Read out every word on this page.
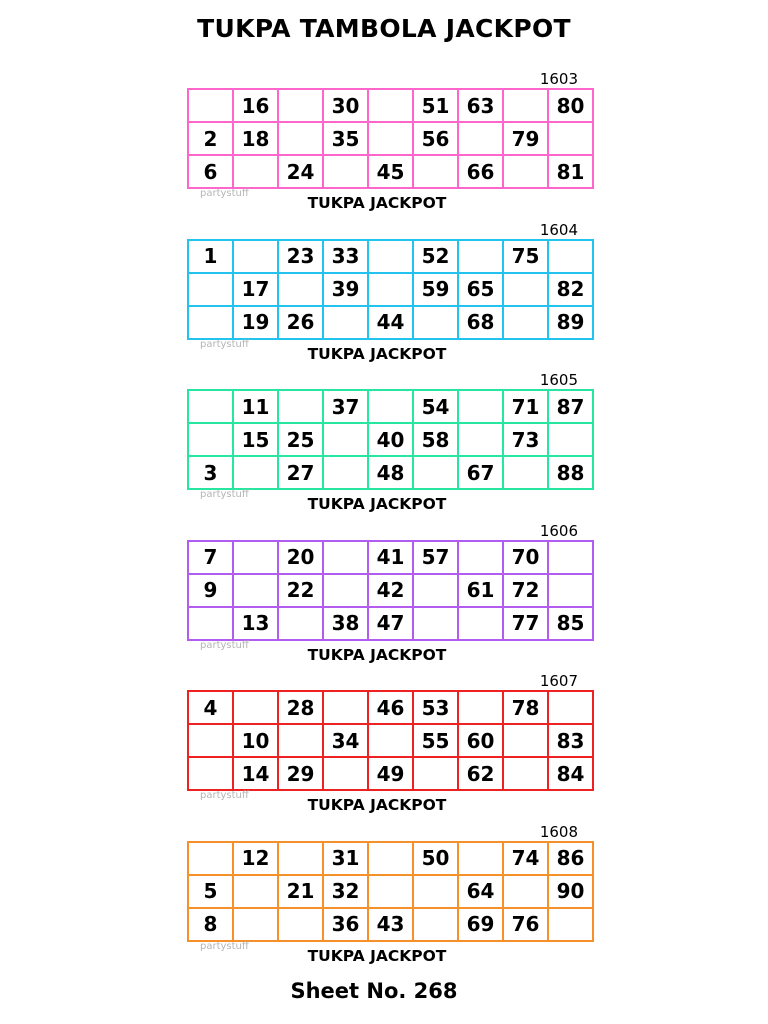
TUKPA TAMBOLA JACKPOT
1603
	16		30		51	63		80
2	18		35		56		79	
6		24		45		66		81
partystuff
TUKPA JACKPOT
1604
1		23	33		52		75	
	17		39		59	65		82
	19	26		44		68		89
partystuff
TUKPA JACKPOT
1605
	11		37		54		71	87
	15	25		40	58		73	
3		27		48		67		88
partystuff
TUKPA JACKPOT
1606
7		20		41	57		70	
9		22		42		61	72	
	13		38	47			77	85
partystuff
TUKPA JACKPOT
1607
4		28		46	53		78	
	10		34		55	60		83
	14	29		49		62		84
partystuff
TUKPA JACKPOT
1608
	12		31		50		74	86
5		21	32			64		90
8			36	43		69	76	
partystuff
TUKPA JACKPOT
Sheet No. 268
